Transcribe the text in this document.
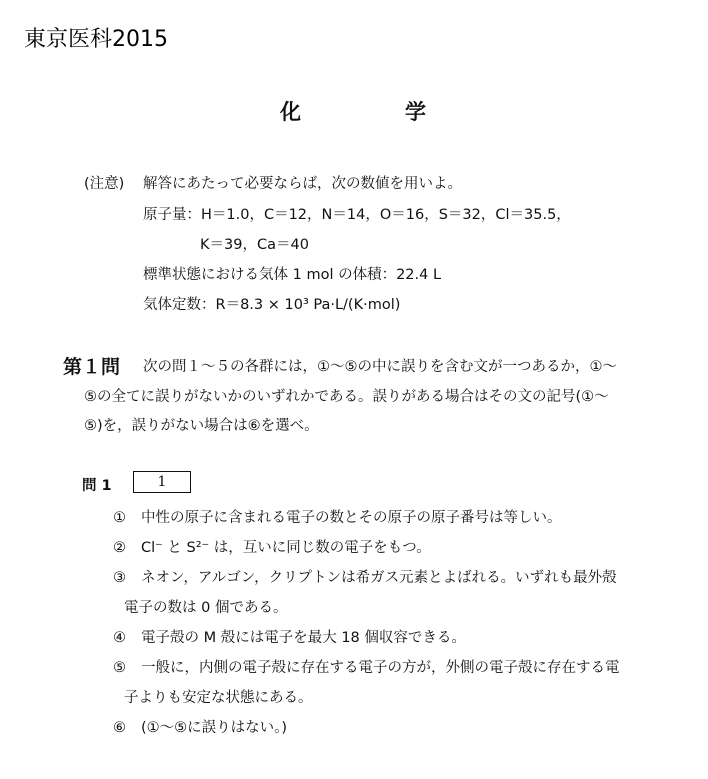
東京医科2015
化	学
(注意) 解答にあたって必要ならば，次の数値を用いよ。
原子量：H＝1.0，C＝12，N＝14，O＝16，S＝32，Cl＝35.5，
K＝39，Ca＝40
標準状態における気体 1 mol の体積：22.4 L
気体定数：R＝8.3 × 10³ Pa·L/(K·mol)
第１問 次の問１～５の各群には，①～⑤の中に誤りを含む文が一つあるか，①～
⑤の全てに誤りがないかのいずれかである。誤りがある場合はその文の記号(①～
⑤)を，誤りがない場合は⑥を選べ。
問 1	1
① 中性の原子に含まれる電子の数とその原子の原子番号は等しい。
② Cl⁻ と S²⁻ は，互いに同じ数の電子をもつ。
③ ネオン，アルゴン，クリプトンは希ガス元素とよばれる。いずれも最外殻
電子の数は 0 個である。
④ 電子殻の M 殻には電子を最大 18 個収容できる。
⑤ 一般に，内側の電子殻に存在する電子の方が，外側の電子殻に存在する電
子よりも安定な状態にある。
⑥ (①～⑤に誤りはない。)
